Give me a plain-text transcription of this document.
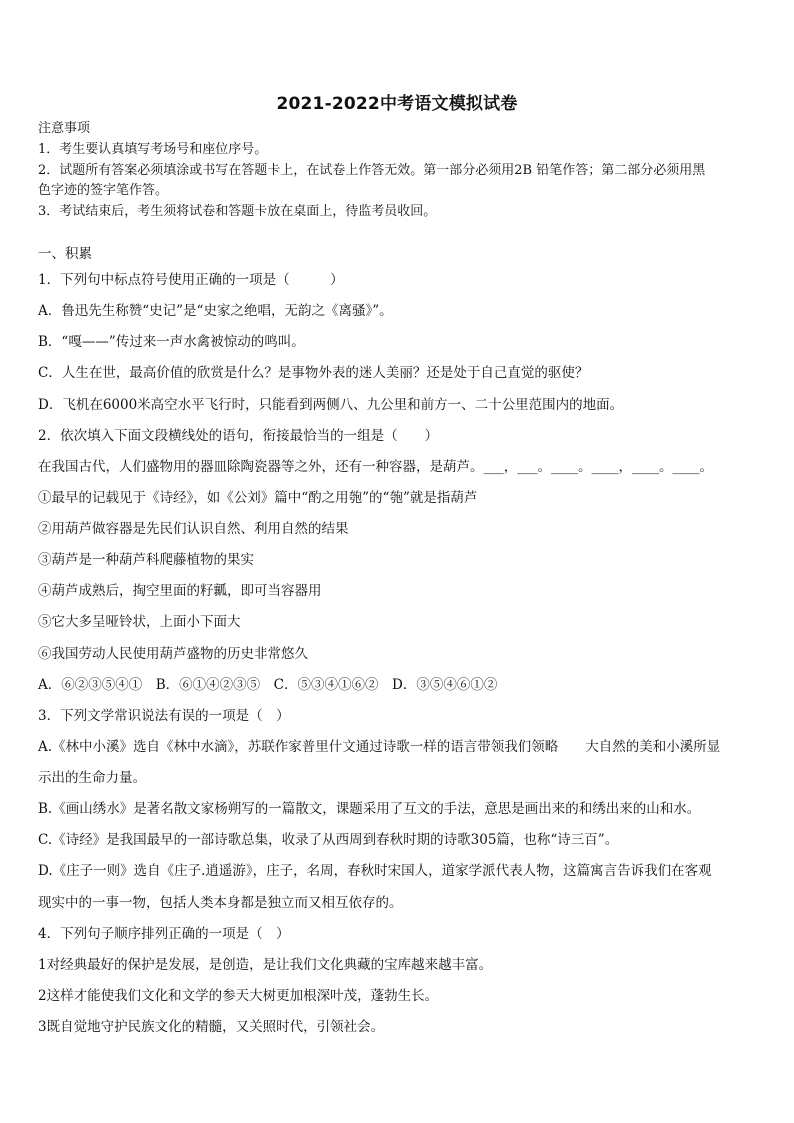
2021-2022中考语文模拟试卷
注意事项
1．考生要认真填写考场号和座位序号。
2．试题所有答案必须填涂或书写在答题卡上，在试卷上作答无效。第一部分必须用2B 铅笔作答；第二部分必须用黑
色字迹的签字笔作答。
3．考试结束后，考生须将试卷和答题卡放在桌面上，待监考员收回。
一、积累
1．下列句中标点符号使用正确的一项是（　　　）
A．鲁迅先生称赞“史记”是“史家之绝唱，无韵之《离骚》”。
B．“嘎——”传过来一声水禽被惊动的鸣叫。
C．人生在世，最高价值的欣赏是什么？是事物外表的迷人美丽？还是处于自己直觉的驱使？
D．飞机在6000米高空水平飞行时，只能看到两侧八、九公里和前方一、二十公里范围内的地面。
2．依次填入下面文段横线处的语句，衔接最恰当的一组是（　　）
在我国古代，人们盛物用的器皿除陶瓷器等之外，还有一种容器，是葫芦。___，___。____。____，____。____。
①最早的记载见于《诗经》，如《公刘》篇中“酌之用匏”的“匏”就是指葫芦
②用葫芦做容器是先民们认识自然、利用自然的结果
③葫芦是一种葫芦科爬藤植物的果实
④葫芦成熟后，掏空里面的籽瓤，即可当容器用
⑤它大多呈哑铃状，上面小下面大
⑥我国劳动人民使用葫芦盛物的历史非常悠久
A．⑥②③⑤④①　B．⑥①④②③⑤　C．⑤③④①⑥②　D．③⑤④⑥①②
3．下列文学常识说法有误的一项是（　）
A.《林中小溪》选自《林中水滴》，苏联作家普里什文通过诗歌一样的语言带领我们领略　　大自然的美和小溪所显
示出的生命力量。
B.《画山绣水》是著名散文家杨朔写的一篇散文，课题采用了互文的手法，意思是画出来的和绣出来的山和水。
C.《诗经》是我国最早的一部诗歌总集，收录了从西周到春秋时期的诗歌305篇，也称“诗三百”。
D.《庄子一则》选自《庄子.逍遥游》，庄子，名周，春秋时宋国人，道家学派代表人物，这篇寓言告诉我们在客观
现实中的一事一物，包括人类本身都是独立而又相互依存的。
4．下列句子顺序排列正确的一项是（　）
1对经典最好的保护是发展，是创造，是让我们文化典藏的宝库越来越丰富。
2这样才能使我们文化和文学的参天大树更加根深叶茂，蓬勃生长。
3既自觉地守护民族文化的精髓，又关照时代，引领社会。
